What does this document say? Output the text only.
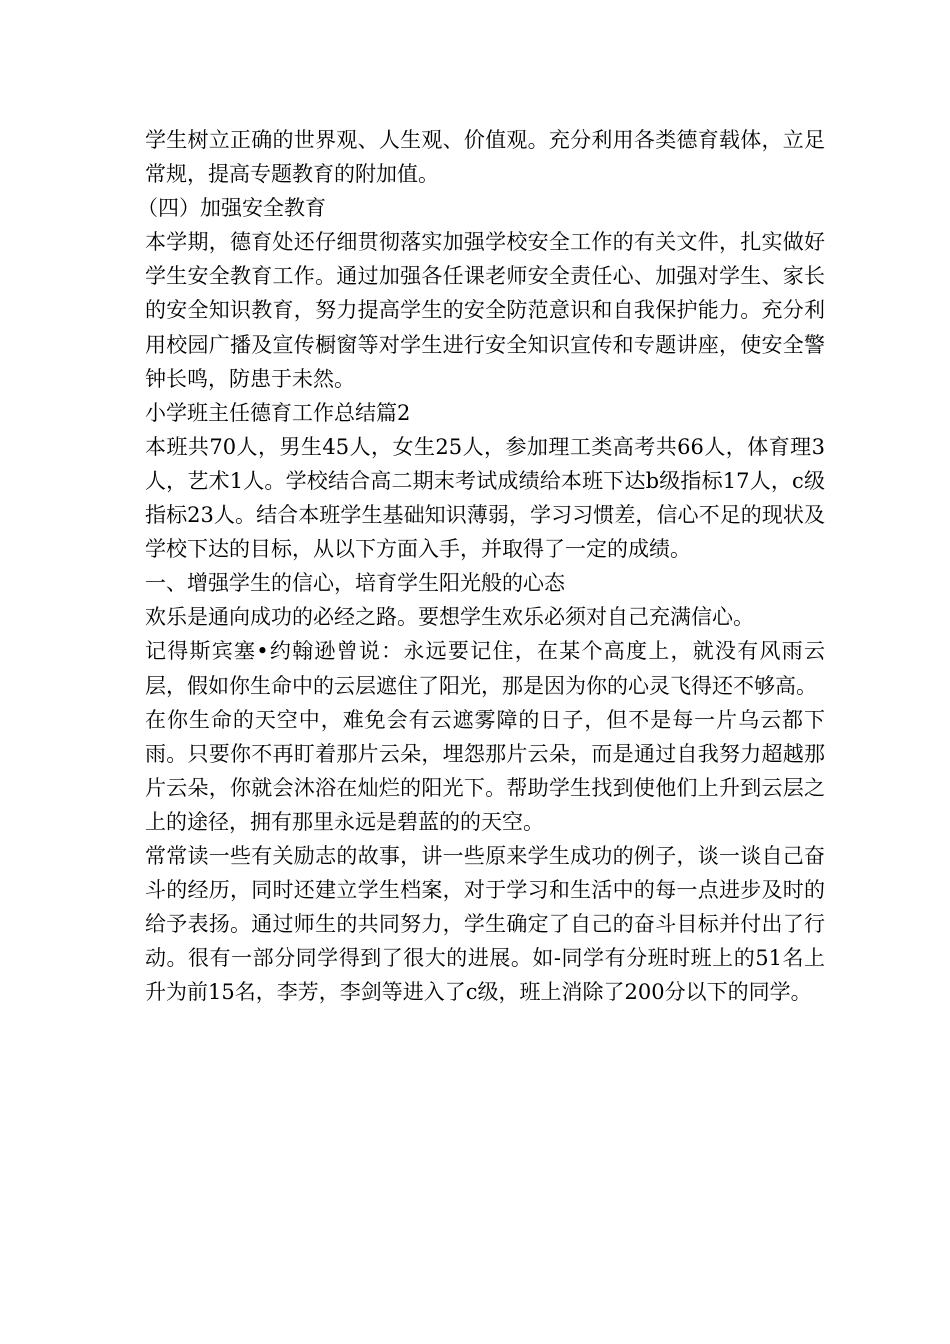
学生树立正确的世界观、人生观、价值观。充分利用各类德育载体，立足常规，提高专题教育的附加值。

（四）加强安全教育

本学期，德育处还仔细贯彻落实加强学校安全工作的有关文件，扎实做好学生安全教育工作。通过加强各任课老师安全责任心、加强对学生、家长的安全知识教育，努力提高学生的安全防范意识和自我保护能力。充分利用校园广播及宣传橱窗等对学生进行安全知识宣传和专题讲座，使安全警钟长鸣，防患于未然。

小学班主任德育工作总结篇2

本班共70人，男生45人，女生25人，参加理工类高考共66人，体育理3人，艺术1人。学校结合高二期末考试成绩给本班下达b级指标17人，c级指标23人。结合本班学生基础知识薄弱，学习习惯差，信心不足的现状及学校下达的目标，从以下方面入手，并取得了一定的成绩。

一、增强学生的信心，培育学生阳光般的心态

欢乐是通向成功的必经之路。要想学生欢乐必须对自己充满信心。

记得斯宾塞•约翰逊曾说：永远要记住，在某个高度上，就没有风雨云层，假如你生命中的云层遮住了阳光，那是因为你的心灵飞得还不够高。

在你生命的天空中，难免会有云遮雾障的日子，但不是每一片乌云都下雨。只要你不再盯着那片云朵，埋怨那片云朵，而是通过自我努力超越那片云朵，你就会沐浴在灿烂的阳光下。帮助学生找到使他们上升到云层之上的途径，拥有那里永远是碧蓝的的天空。

常常读一些有关励志的故事，讲一些原来学生成功的例子，谈一谈自己奋斗的经历，同时还建立学生档案，对于学习和生活中的每一点进步及时的给予表扬。通过师生的共同努力，学生确定了自己的奋斗目标并付出了行动。很有一部分同学得到了很大的进展。如-同学有分班时班上的51名上升为前15名，李芳，李剑等进入了c级，班上消除了200分以下的同学。
